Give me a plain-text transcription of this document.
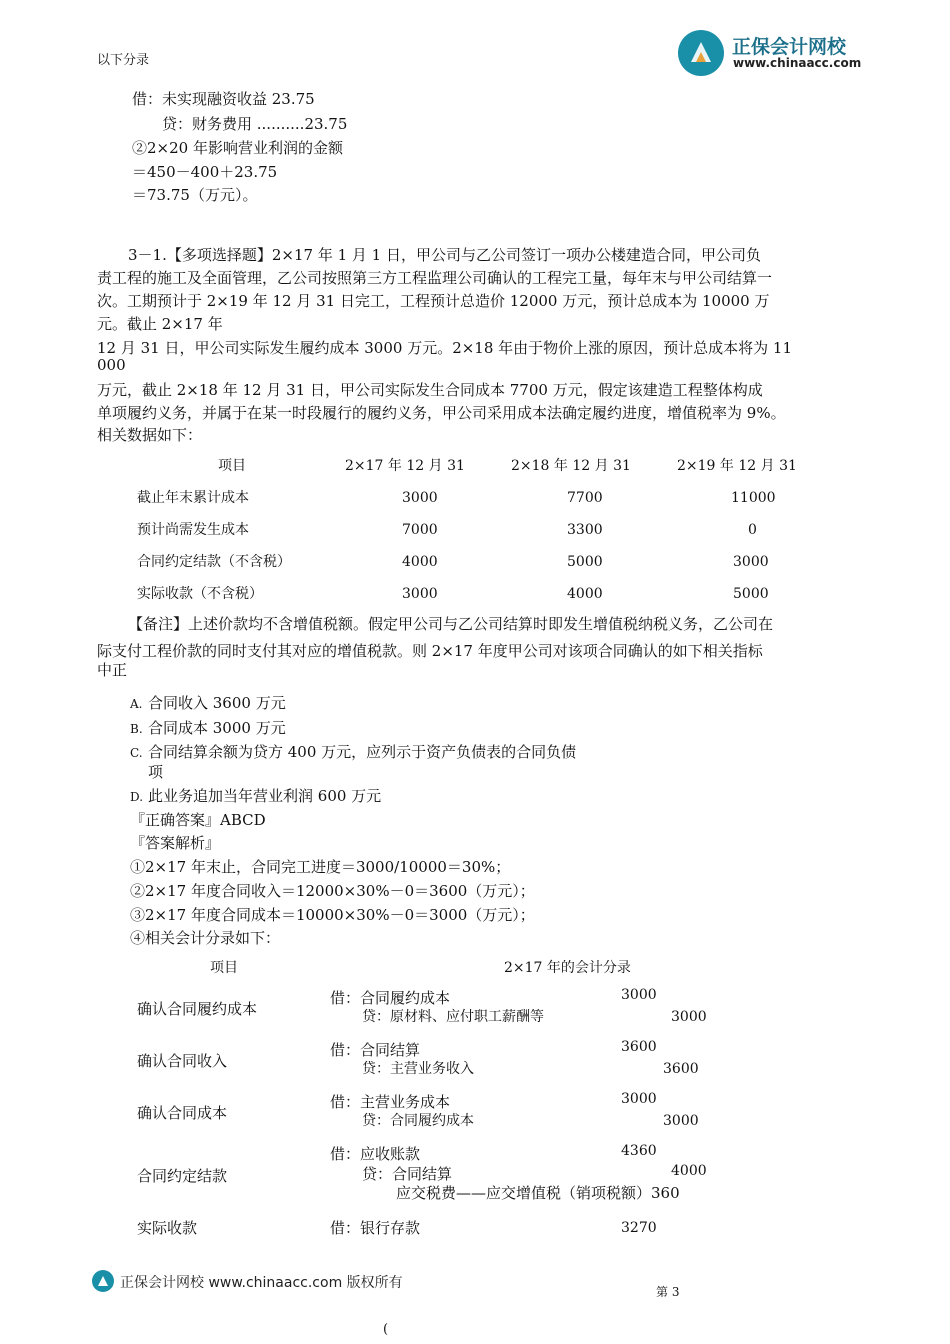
正保会计网校
www.chinaacc.com
以下分录
借：未实现融资收益 23.75
贷：财务费用 ..........23.75
②2×20 年影响营业利润的金额
＝450－400＋23.75
＝73.75（万元）。
3－1.【多项选择题】2×17 年 1 月 1 日，甲公司与乙公司签订一项办公楼建造合同，甲公司负
责工程的施工及全面管理，乙公司按照第三方工程监理公司确认的工程完工量，每年末与甲公司结算一
次。工期预计于 2×19 年 12 月 31 日完工，工程预计总造价 12000 万元，预计总成本为 10000 万
元。截止 2×17 年
12 月 31 日，甲公司实际发生履约成本 3000 万元。2×18 年由于物价上涨的原因，预计总成本将为 11
000
万元，截止 2×18 年 12 月 31 日，甲公司实际发生合同成本 7700 万元，假定该建造工程整体构成
单项履约义务，并属于在某一时段履行的履约义务，甲公司采用成本法确定履约进度，增值税率为 9%。
相关数据如下：
项目	2×17 年 12 月 31	2×18 年 12 月 31	2×19 年 12 月 31
截止年末累计成本	3000	7700	11000
预计尚需发生成本	7000	3300	0
合同约定结款（不含税）	4000	5000	3000
实际收款（不含税）	3000	4000	5000
【备注】上述价款均不含增值税额。假定甲公司与乙公司结算时即发生增值税纳税义务，乙公司在
际支付工程价款的同时支付其对应的增值税款。则 2×17 年度甲公司对该项合同确认的如下相关指标
中正
A. 合同收入 3600 万元
B. 合同成本 3000 万元
C. 合同结算余额为贷方 400 万元，应列示于资产负债表的合同负债
项
D. 此业务追加当年营业利润 600 万元
『正确答案』ABCD
『答案解析』
①2×17 年末止，合同完工进度＝3000/10000＝30%；
②2×17 年度合同收入＝12000×30%－0＝3600（万元）；
③2×17 年度合同成本＝10000×30%－0＝3000（万元）；
④相关会计分录如下：
项目	2×17 年的会计分录
确认合同履约成本
借：合同履约成本	3000
贷：原材料、应付职工薪酬等	3000
确认合同收入
借：合同结算	3600
贷：主营业务收入	3600
确认合同成本
借：主营业务成本	3000
贷：合同履约成本	3000
合同约定结款
借：应收账款	4360
贷：合同结算	4000
应交税费——应交增值税（销项税额）360
实际收款	借：银行存款	3270
正保会计网校 www.chinaacc.com 版权所有
第 3
(
